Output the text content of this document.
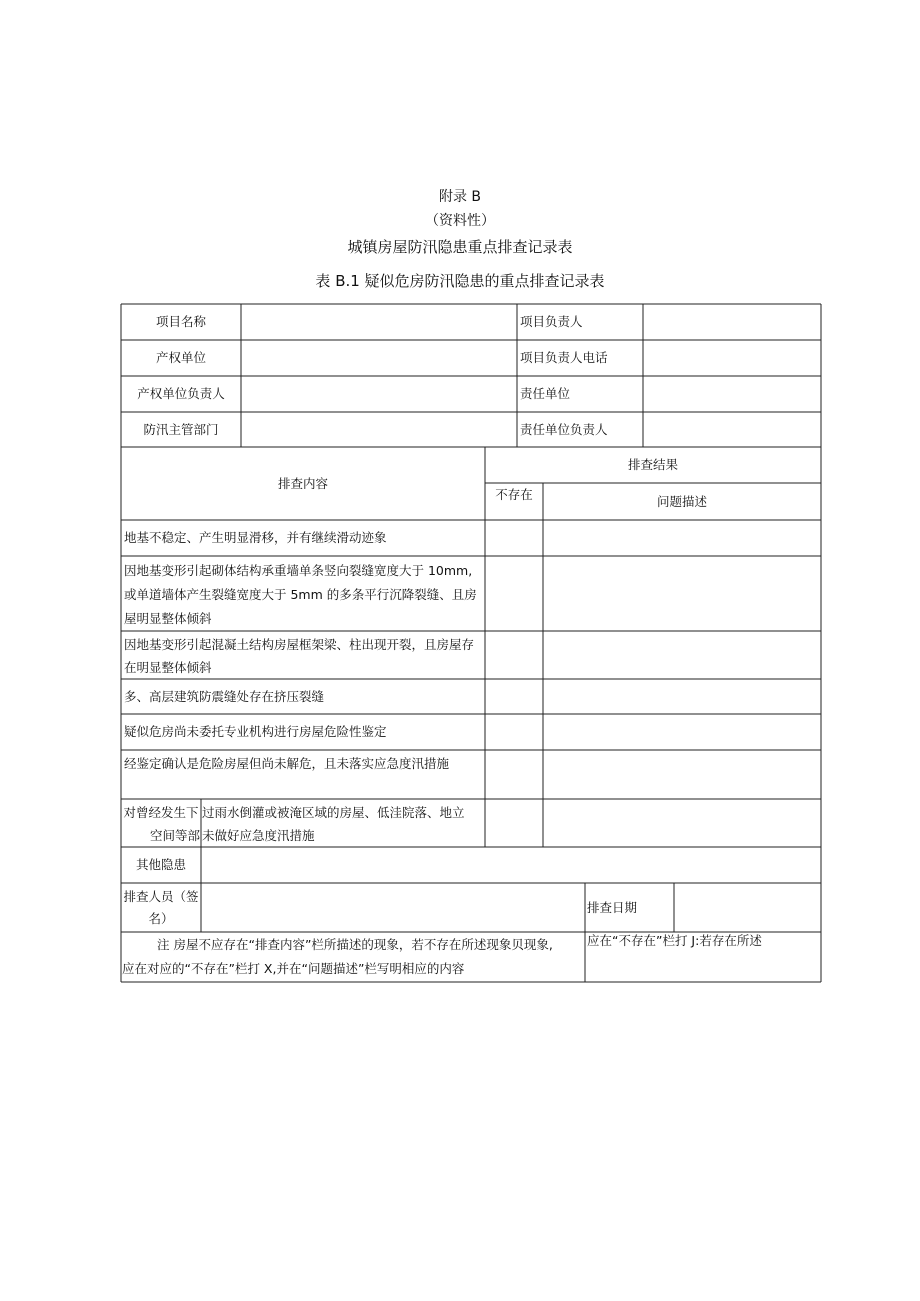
附录 B
（资料性）
城镇房屋防汛隐患重点排查记录表
表 B.1 疑似危房防汛隐患的重点排查记录表
项目名称	项目负责人
产权单位	项目负责人电话
产权单位负责人	责任单位
防汛主管部门	责任单位负责人
排查内容
排查结果
不存在	问题描述
地基不稳定、产生明显滑移，并有继续滑动迹象
因地基变形引起砌体结构承重墙单条竖向裂缝宽度大于 10mm,
或单道墙体产生裂缝宽度大于 5mm 的多条平行沉降裂缝、且房
屋明显整体倾斜
因地基变形引起混凝土结构房屋框架梁、柱出现开裂，且房屋存
在明显整体倾斜
多、高层建筑防震缝处存在挤压裂缝
疑似危房尚未委托专业机构进行房屋危险性鉴定
经鉴定确认是危险房屋但尚未解危，且未落实应急度汛措施
对曾经发生下
空间等部
过雨水倒灌或被淹区域的房屋、低洼院落、地立
未做好应急度汛措施
其他隐患
排查人员（签
名）
排查日期
注 房屋不应存在“排查内容”栏所描述的现象，若不存在所述现象贝现象,
应在对应的“不存在”栏打 X,并在“问题描述”栏写明相应的内容
应在“不存在”栏打 J:若存在所述
